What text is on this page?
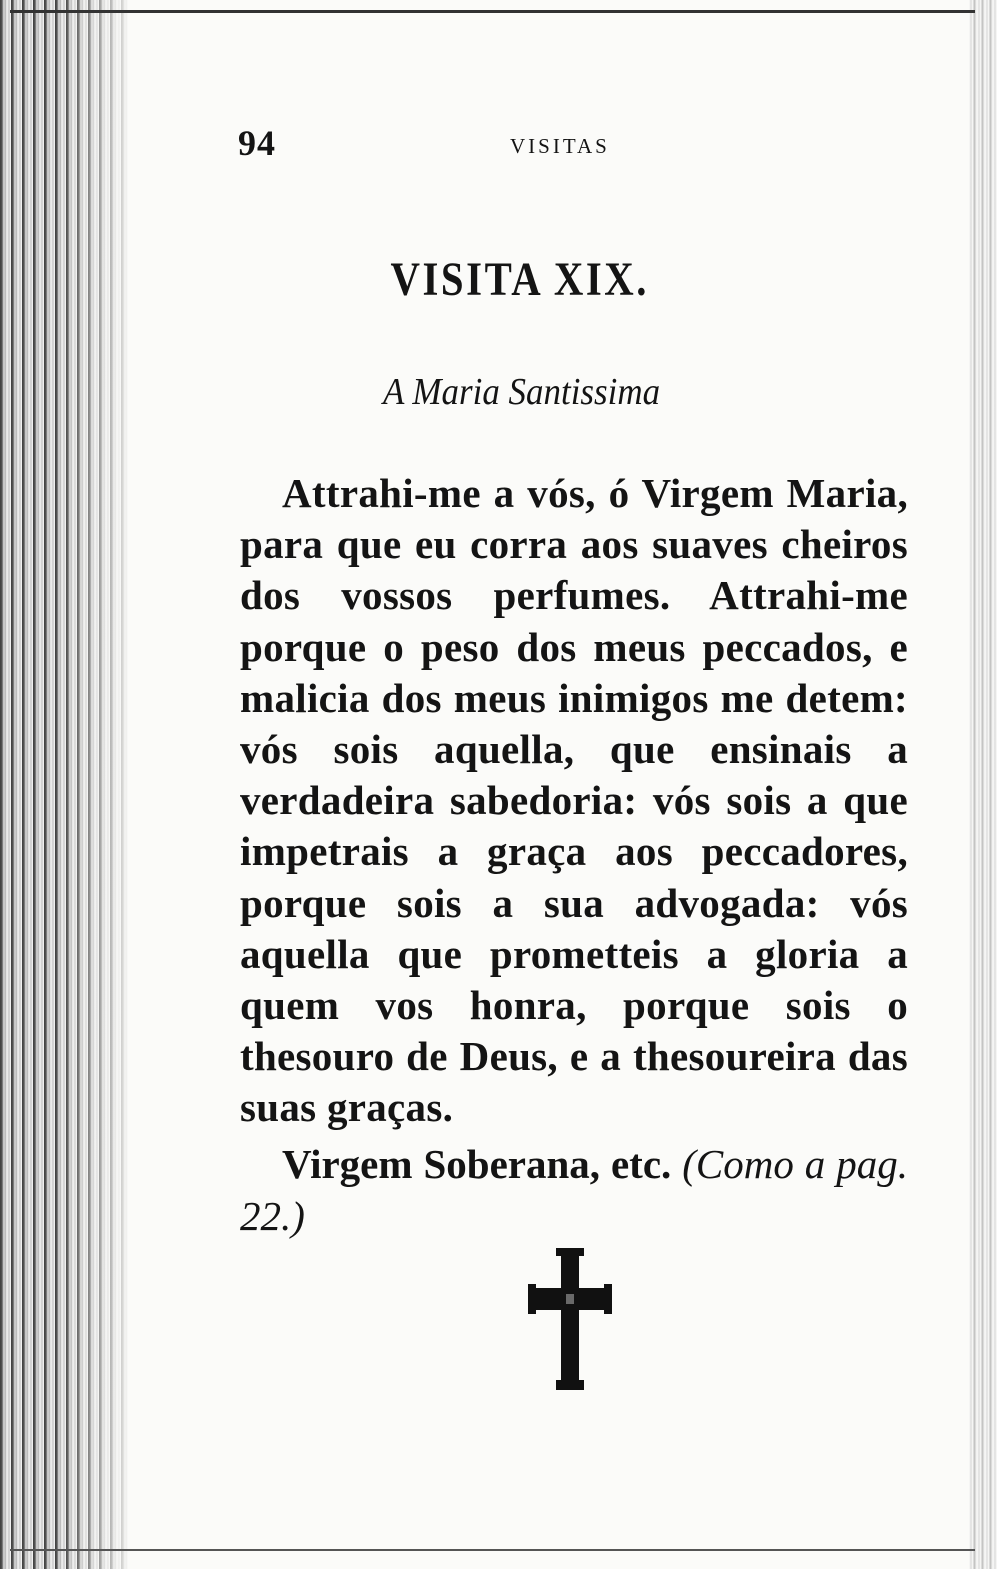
94	VISITAS
VISITA XIX.
A Maria Santissima
Attrahi-me a vós, ó Virgem Maria, para que eu corra aos suaves cheiros dos vossos perfumes. Attrahi-me porque o peso dos meus peccados, e malicia dos meus inimigos me detem: vós sois aquella, que ensinais a verdadeira sabedoria: vós sois a que impetrais a graça aos peccadores, porque sois a sua advogada: vós aquella que prometteis a gloria a quem vos honra, porque sois o thesouro de Deus, e a thesoureira das suas graças.
Virgem Soberana, etc. (Como a pag. 22.)
